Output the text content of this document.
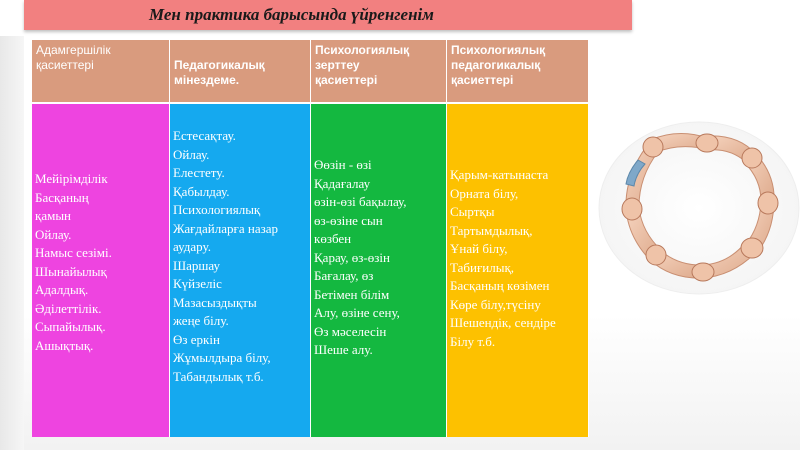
Мен практика барысында үйренгенім
Адамгершілік
қасиеттері	Педагогикалық
мінездеме.
Психологиялық
зерттеу
қасиеттері
Психологиялық
педагогикалық
қасиеттері
Мейірімділік
Басқаның
қамын
Ойлау.
Намыс сезімі.
Шынайылық
Адалдық.
Әділеттілік.
Сыпайылық.
Ашықтық.
Естесақтау.
Ойлау.
Елестету.
Қабылдау.
Психологиялық
Жағдайларға назар
аудару.
Шаршау
Күйзеліс
Мазасыздықты
жеңе білу.
Өз еркін
Жұмылдыра білу,
Табандылық т.б.
Өөзін - өзі
Қадағалау
өзін-өзі бақылау,
өз-өзіне сын
көзбен
Қарау, өз-өзін
Бағалау, өз
Бетімен білім
Алу, өзіне сену,
Өз мәселесін
Шеше алу.
Қарым-катынаста
Орната білу,
Сыртқы
Тартымдылық,
Ұнай білу,
Табиғилық,
Басқаның көзімен
Көре білу,түсіну
Шешендік, сендіре
Білу т.б.
